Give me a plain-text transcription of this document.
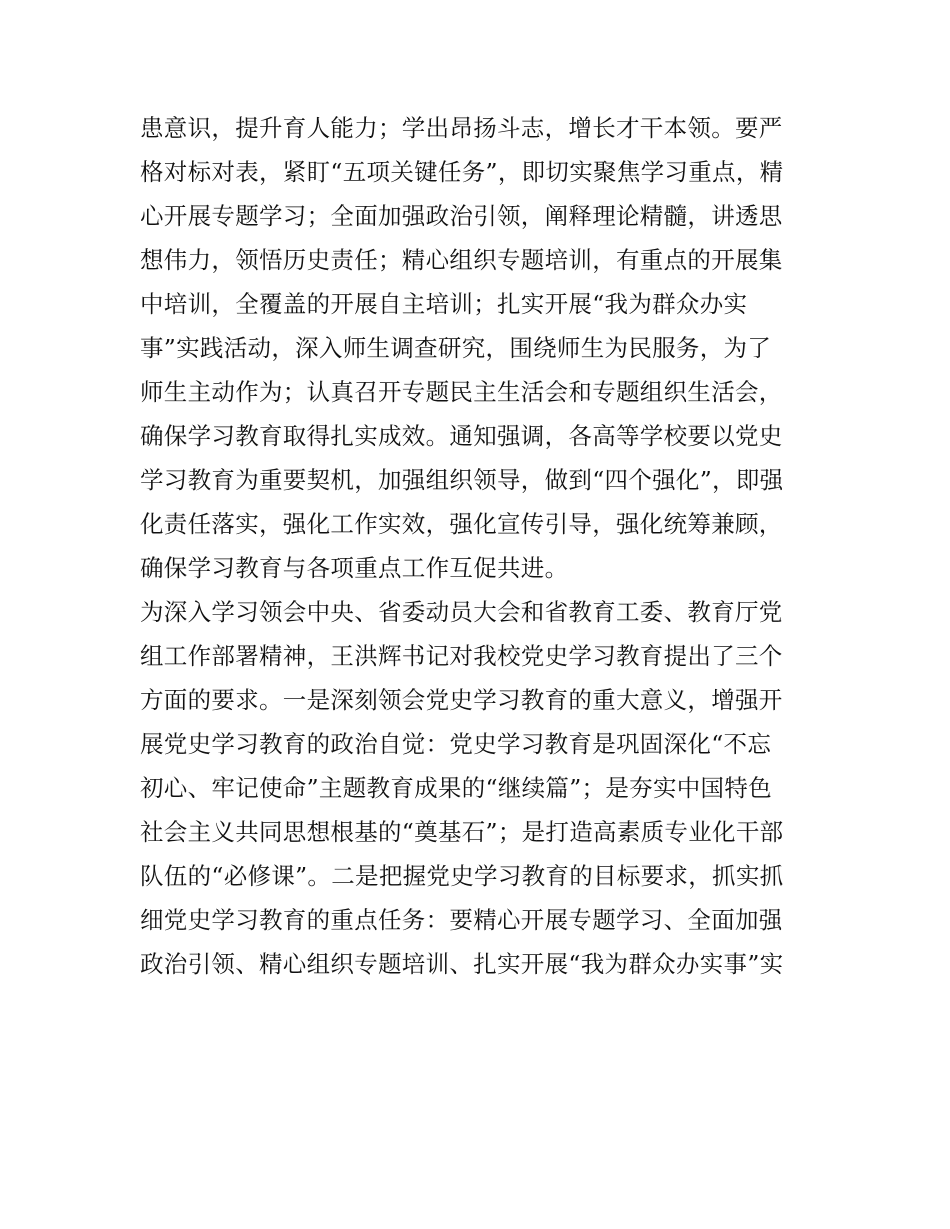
患意识，提升育人能力；学出昂扬斗志，增长才干本领。要严
格对标对表，紧盯“五项关键任务”，即切实聚焦学习重点，精
心开展专题学习；全面加强政治引领，阐释理论精髓，讲透思
想伟力，领悟历史责任；精心组织专题培训，有重点的开展集
中培训，全覆盖的开展自主培训；扎实开展“我为群众办实
事”实践活动，深入师生调查研究，围绕师生为民服务，为了
师生主动作为；认真召开专题民主生活会和专题组织生活会，
确保学习教育取得扎实成效。通知强调，各高等学校要以党史
学习教育为重要契机，加强组织领导，做到“四个强化”，即强
化责任落实，强化工作实效，强化宣传引导，强化统筹兼顾，
确保学习教育与各项重点工作互促共进。
为深入学习领会中央、省委动员大会和省教育工委、教育厅党
组工作部署精神，王洪辉书记对我校党史学习教育提出了三个
方面的要求。一是深刻领会党史学习教育的重大意义，增强开
展党史学习教育的政治自觉：党史学习教育是巩固深化“不忘
初心、牢记使命”主题教育成果的“继续篇”；是夯实中国特色
社会主义共同思想根基的“奠基石”；是打造高素质专业化干部
队伍的“必修课”。二是把握党史学习教育的目标要求，抓实抓
细党史学习教育的重点任务：要精心开展专题学习、全面加强
政治引领、精心组织专题培训、扎实开展“我为群众办实事”实
